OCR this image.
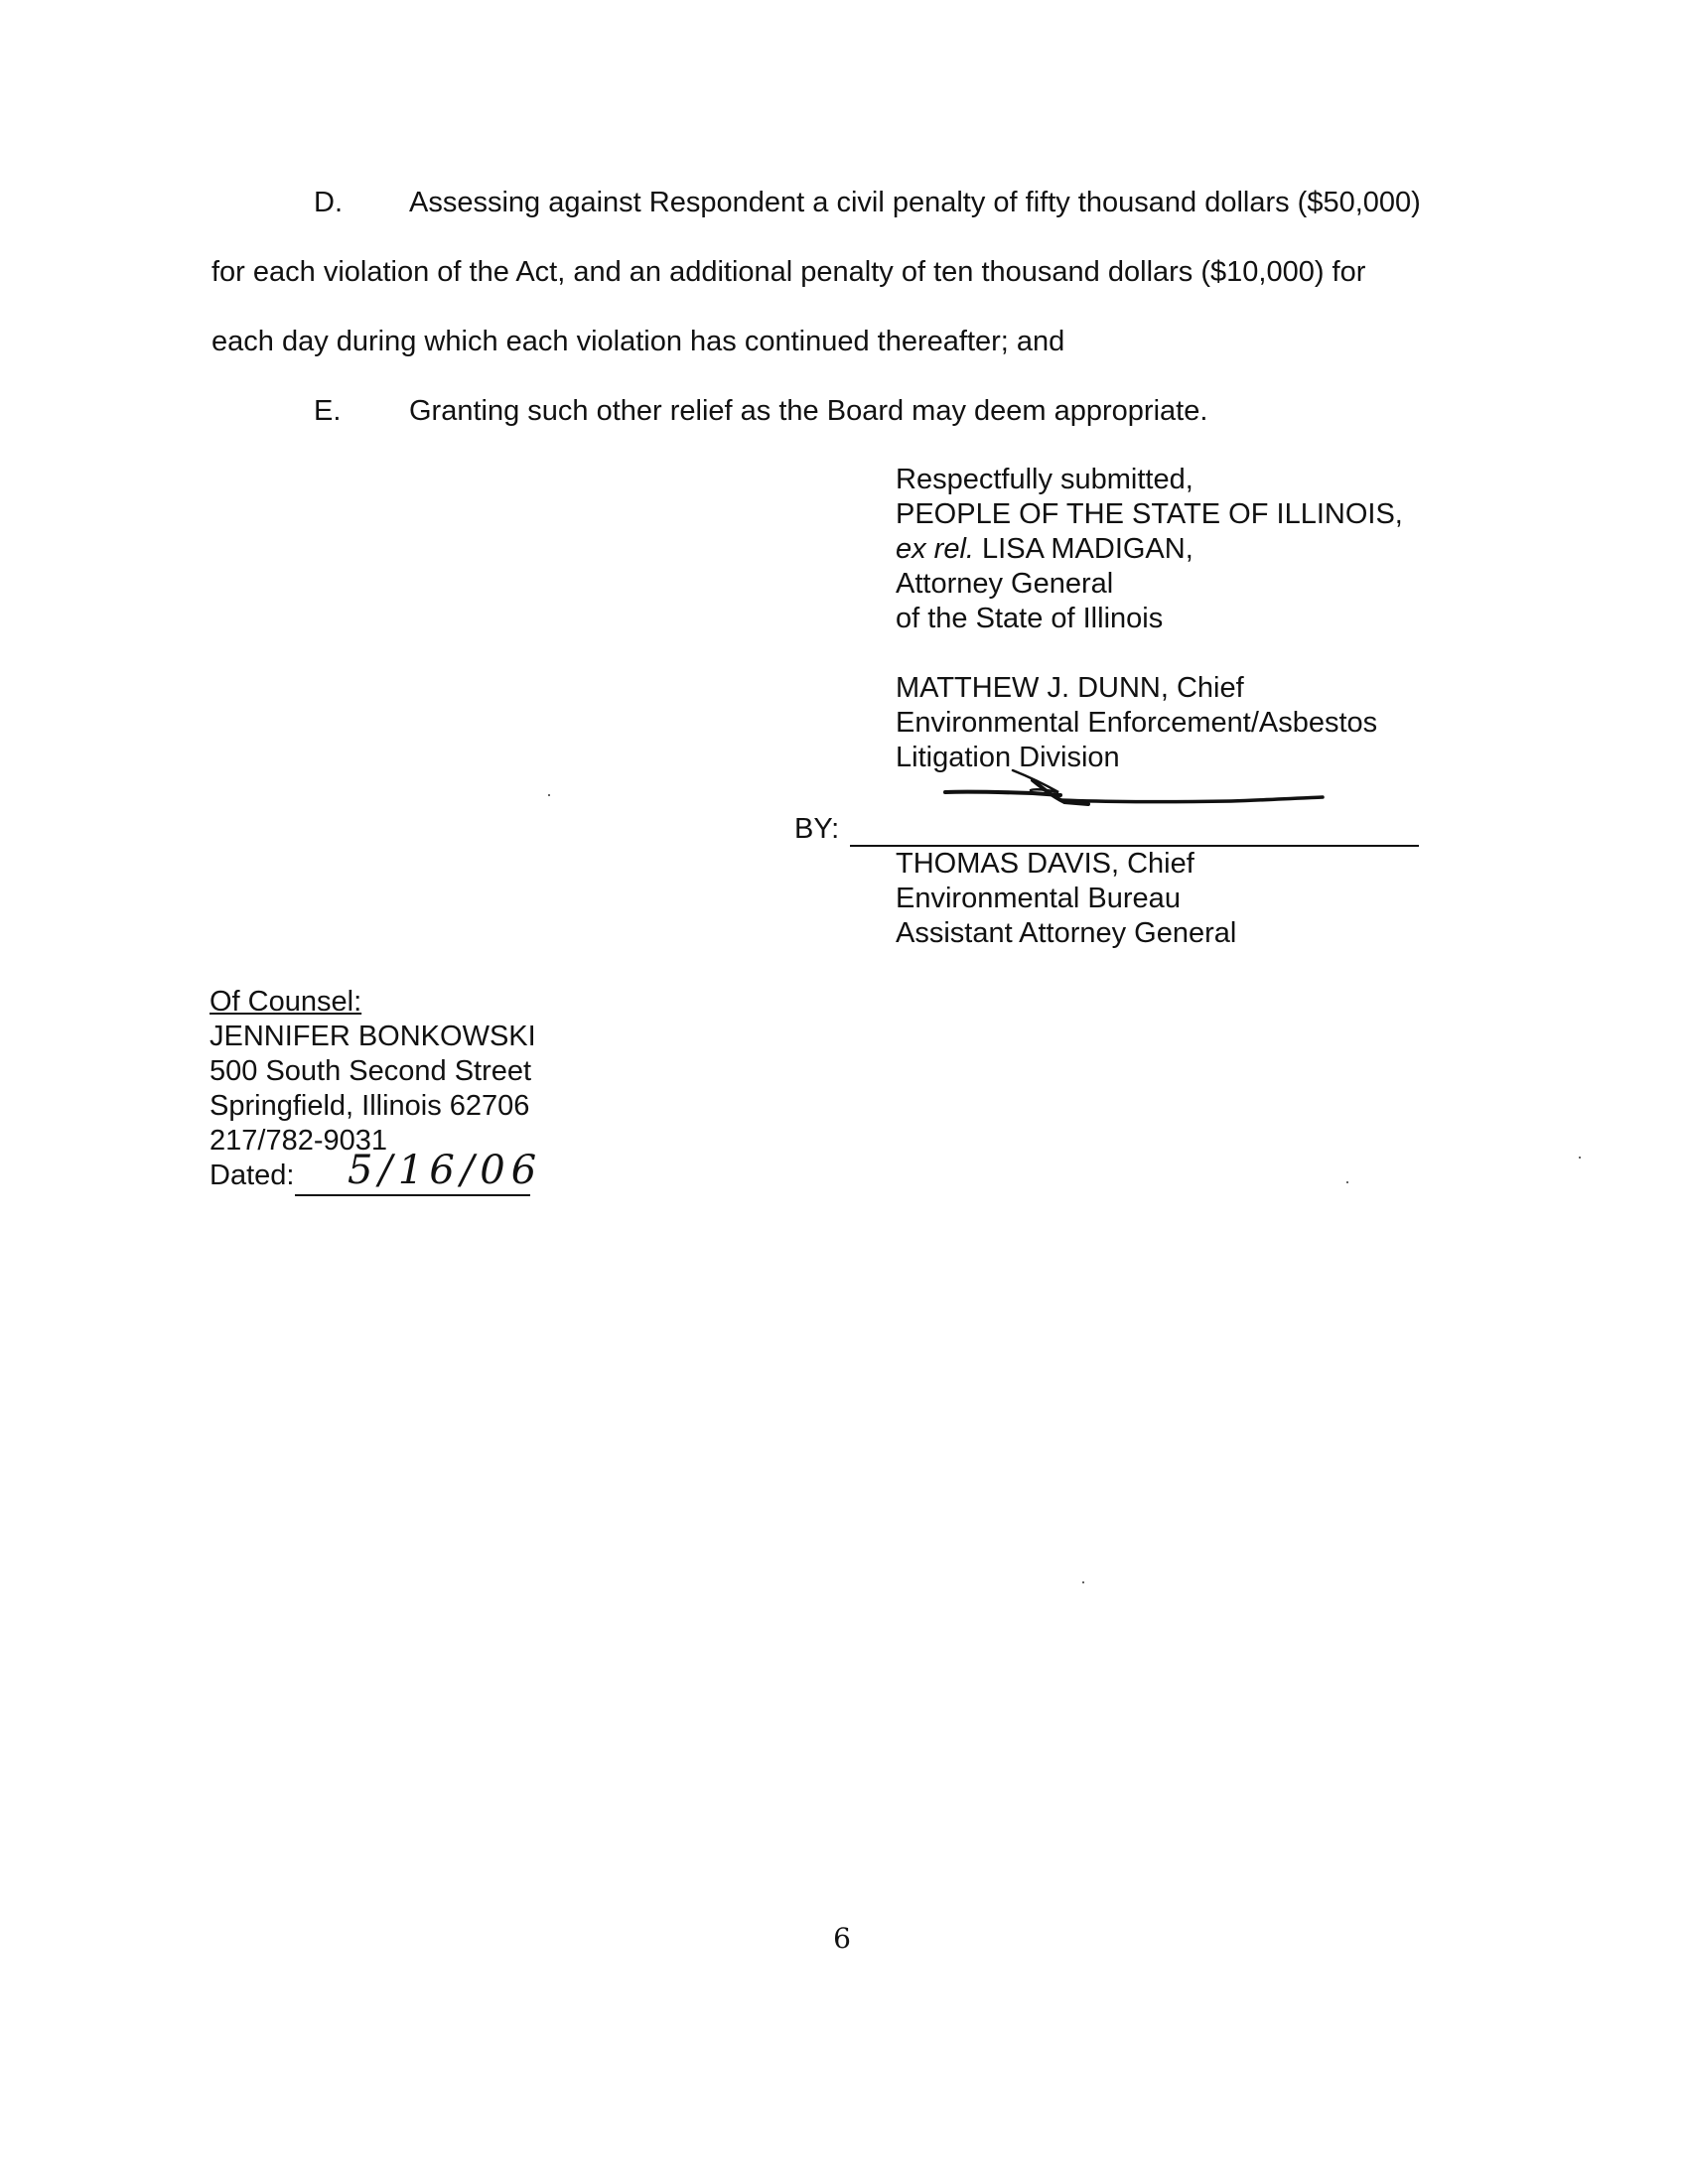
D. Assessing against Respondent a civil penalty of fifty thousand dollars ($50,000)
for each violation of the Act, and an additional penalty of ten thousand dollars ($10,000) for
each day during which each violation has continued thereafter; and
E. Granting such other relief as the Board may deem appropriate.
Respectfully submitted,
PEOPLE OF THE STATE OF ILLINOIS,
ex rel. LISA MADIGAN,
Attorney General
of the State of Illinois
MATTHEW J. DUNN, Chief
Environmental Enforcement/Asbestos
Litigation Division
BY:
THOMAS DAVIS, Chief
Environmental Bureau
Assistant Attorney General
Of Counsel:
JENNIFER BONKOWSKI
500 South Second Street
Springfield, Illinois 62706
217/782-9031
Dated:	5/16/06
6
